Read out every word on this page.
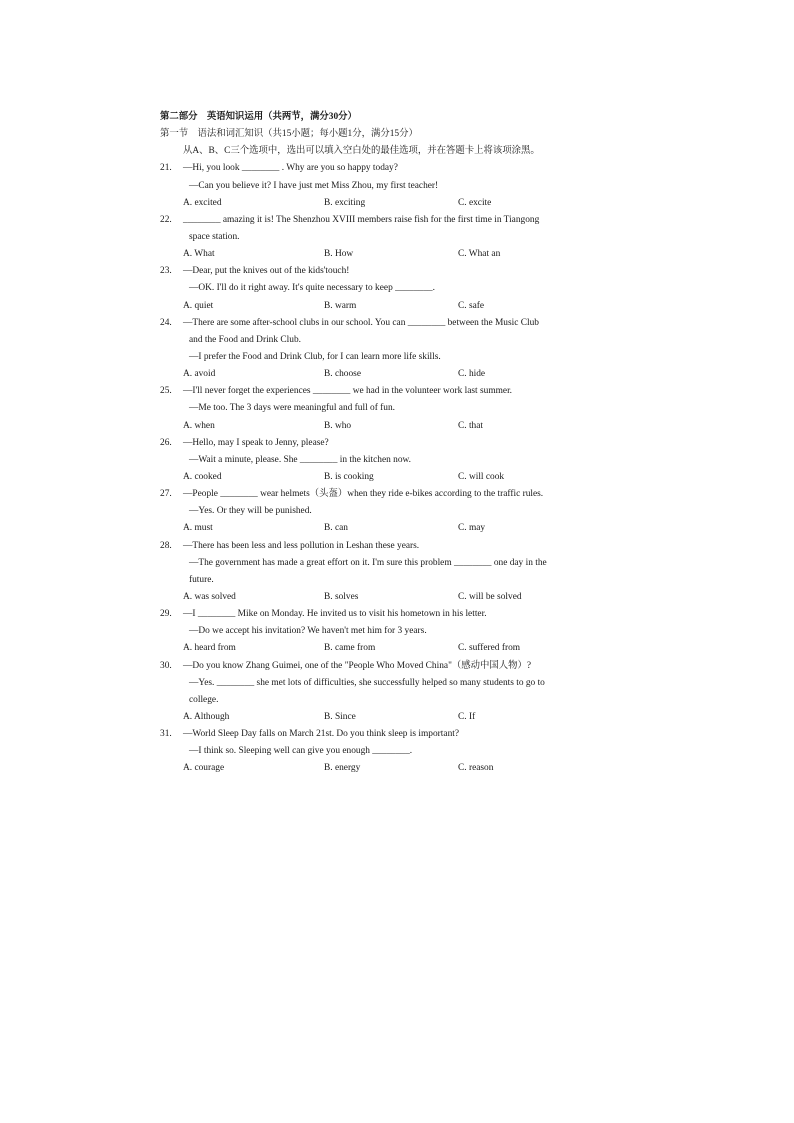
第二部分　英语知识运用（共两节，满分30分）
第一节　语法和词汇知识（共15小题；每小题1分，满分15分）
从A、B、C三个选项中，选出可以填入空白处的最佳选项，并在答题卡上将该项涂黑。
21. —Hi, you look ________ . Why are you so happy today?
—Can you believe it? I have just met Miss Zhou, my first teacher!
A. excited	B. exciting	C. excite
22. ________ amazing it is! The Shenzhou XVIII members raise fish for the first time in Tiangong
space station.
A. What	B. How	C. What an
23. —Dear, put the knives out of the kids'touch!
—OK. I'll do it right away. It's quite necessary to keep ________.
A. quiet	B. warm	C. safe
24. —There are some after-school clubs in our school. You can ________ between the Music Club
and the Food and Drink Club.
—I prefer the Food and Drink Club, for I can learn more life skills.
A. avoid	B. choose	C. hide
25. —I'll never forget the experiences ________ we had in the volunteer work last summer.
—Me too. The 3 days were meaningful and full of fun.
A. when	B. who	C. that
26. —Hello, may I speak to Jenny, please?
—Wait a minute, please. She ________ in the kitchen now.
A. cooked	B. is cooking	C. will cook
27. —People ________ wear helmets（头盔）when they ride e-bikes according to the traffic rules.
—Yes. Or they will be punished.
A. must	B. can	C. may
28. —There has been less and less pollution in Leshan these years.
—The government has made a great effort on it. I'm sure this problem ________ one day in the
future.
A. was solved	B. solves	C. will be solved
29. —I ________ Mike on Monday. He invited us to visit his hometown in his letter.
—Do we accept his invitation? We haven't met him for 3 years.
A. heard from	B. came from	C. suffered from
30. —Do you know Zhang Guimei, one of the "People Who Moved China"（感动中国人物）?
—Yes. ________ she met lots of difficulties, she successfully helped so many students to go to
college.
A. Although	B. Since	C. If
31. —World Sleep Day falls on March 21st. Do you think sleep is important?
—I think so. Sleeping well can give you enough ________.
A. courage	B. energy	C. reason
